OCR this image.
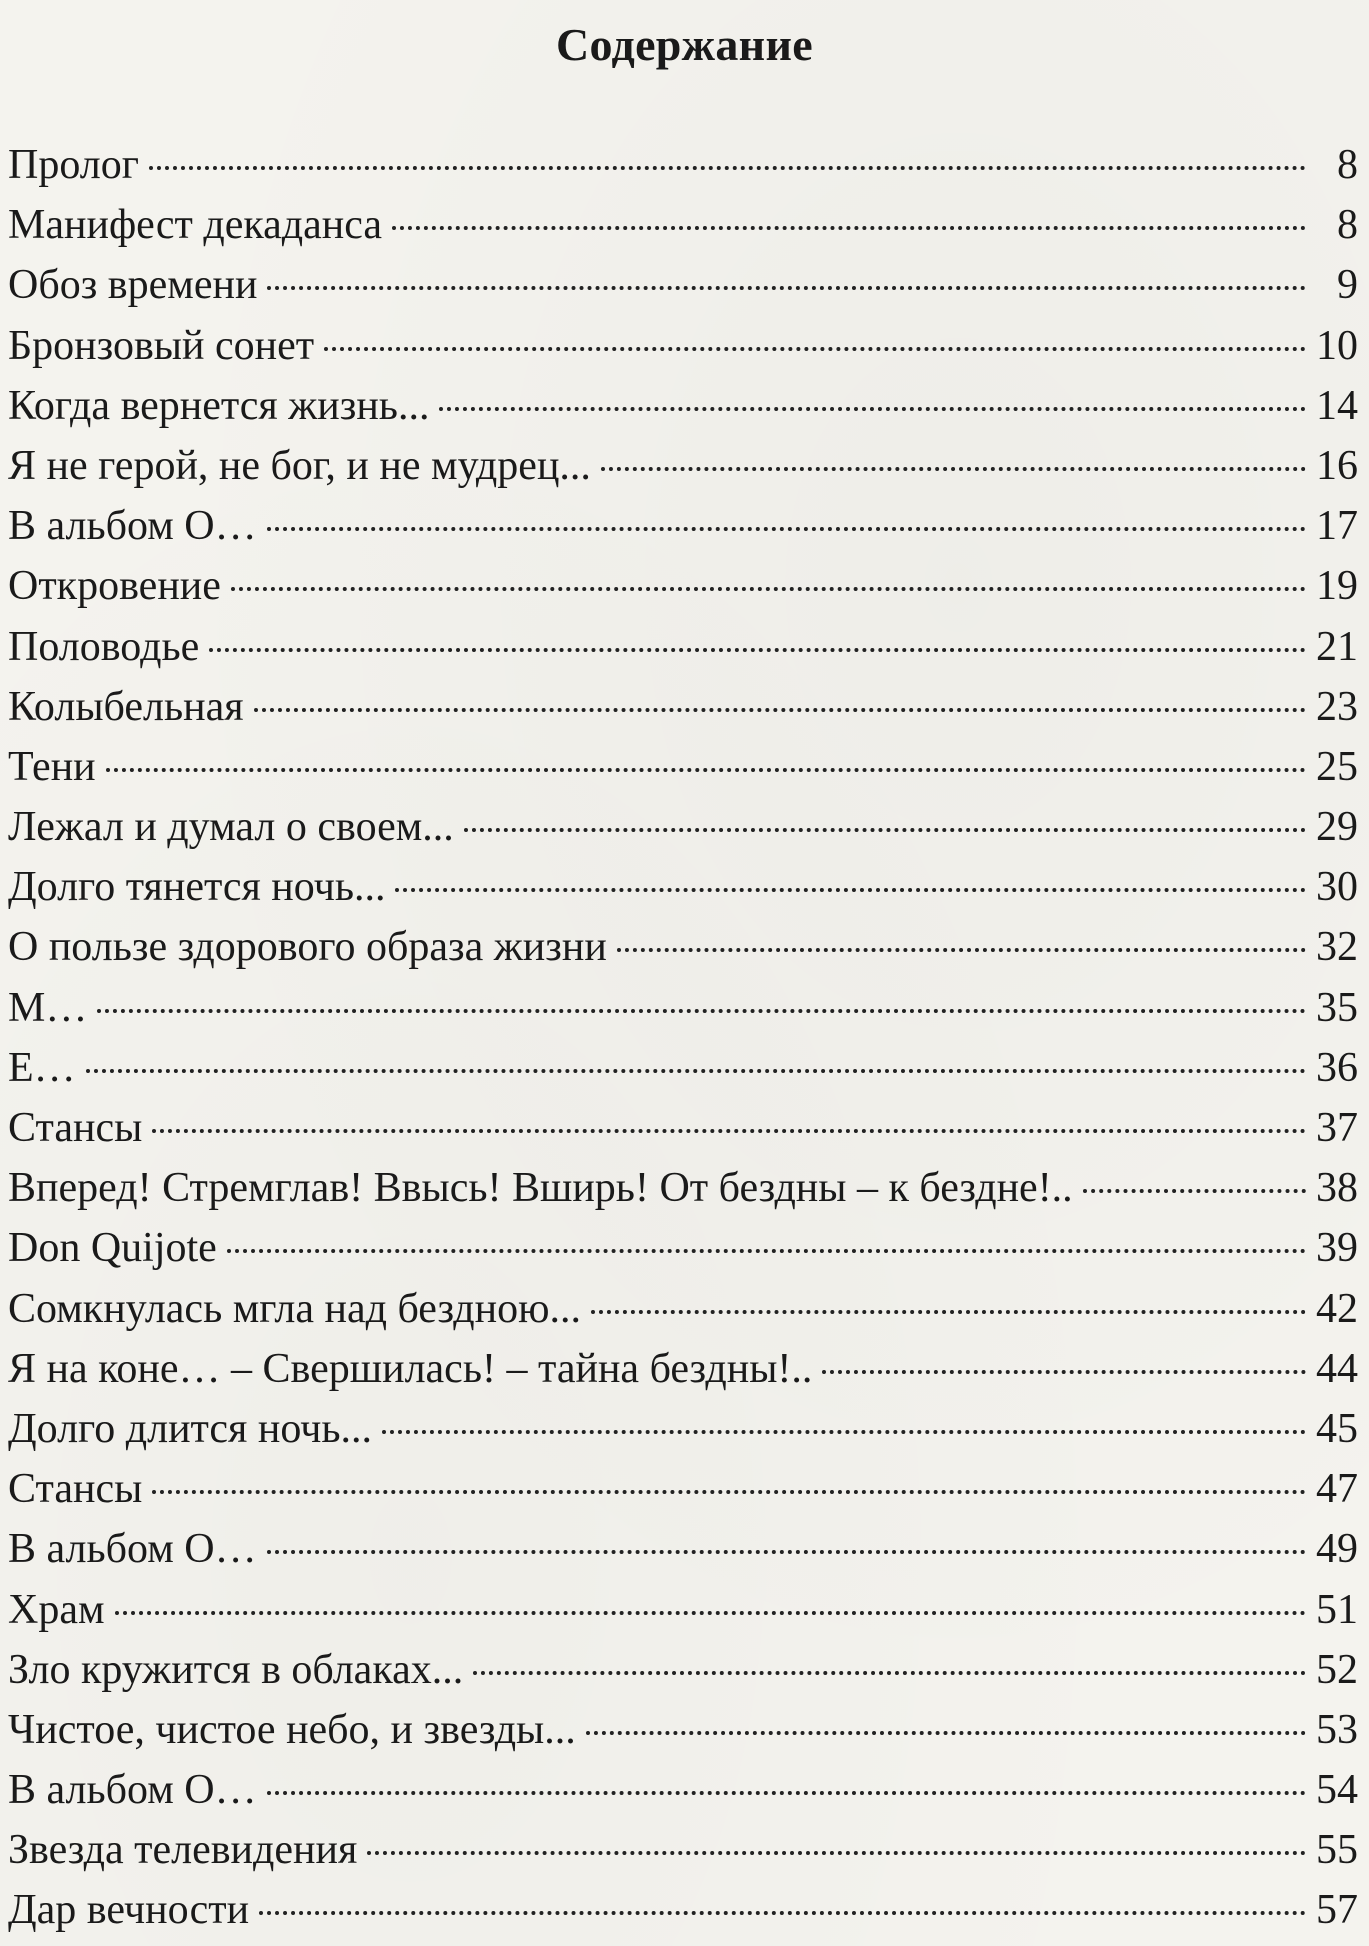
Содержание
Пролог	8
Манифест декаданса	8
Обоз времени	9
Бронзовый сонет	10
Когда вернется жизнь...	14
Я не герой, не бог, и не мудрец...	16
В альбом О…	17
Откровение	19
Половодье	21
Колыбельная	23
Тени	25
Лежал и думал о своем...	29
Долго тянется ночь...	30
О пользе здорового образа жизни	32
М…	35
Е…	36
Стансы	37
Вперед! Стремглав! Ввысь! Вширь! От бездны – к бездне!..	38
Don Quijote	39
Сомкнулась мгла над бездною...	42
Я на коне… – Свершилась! – тайна бездны!..	44
Долго длится ночь...	45
Стансы	47
В альбом О…	49
Храм	51
Зло кружится в облаках...	52
Чистое, чистое небо, и звезды...	53
В альбом О…	54
Звезда телевидения	55
Дар вечности	57
